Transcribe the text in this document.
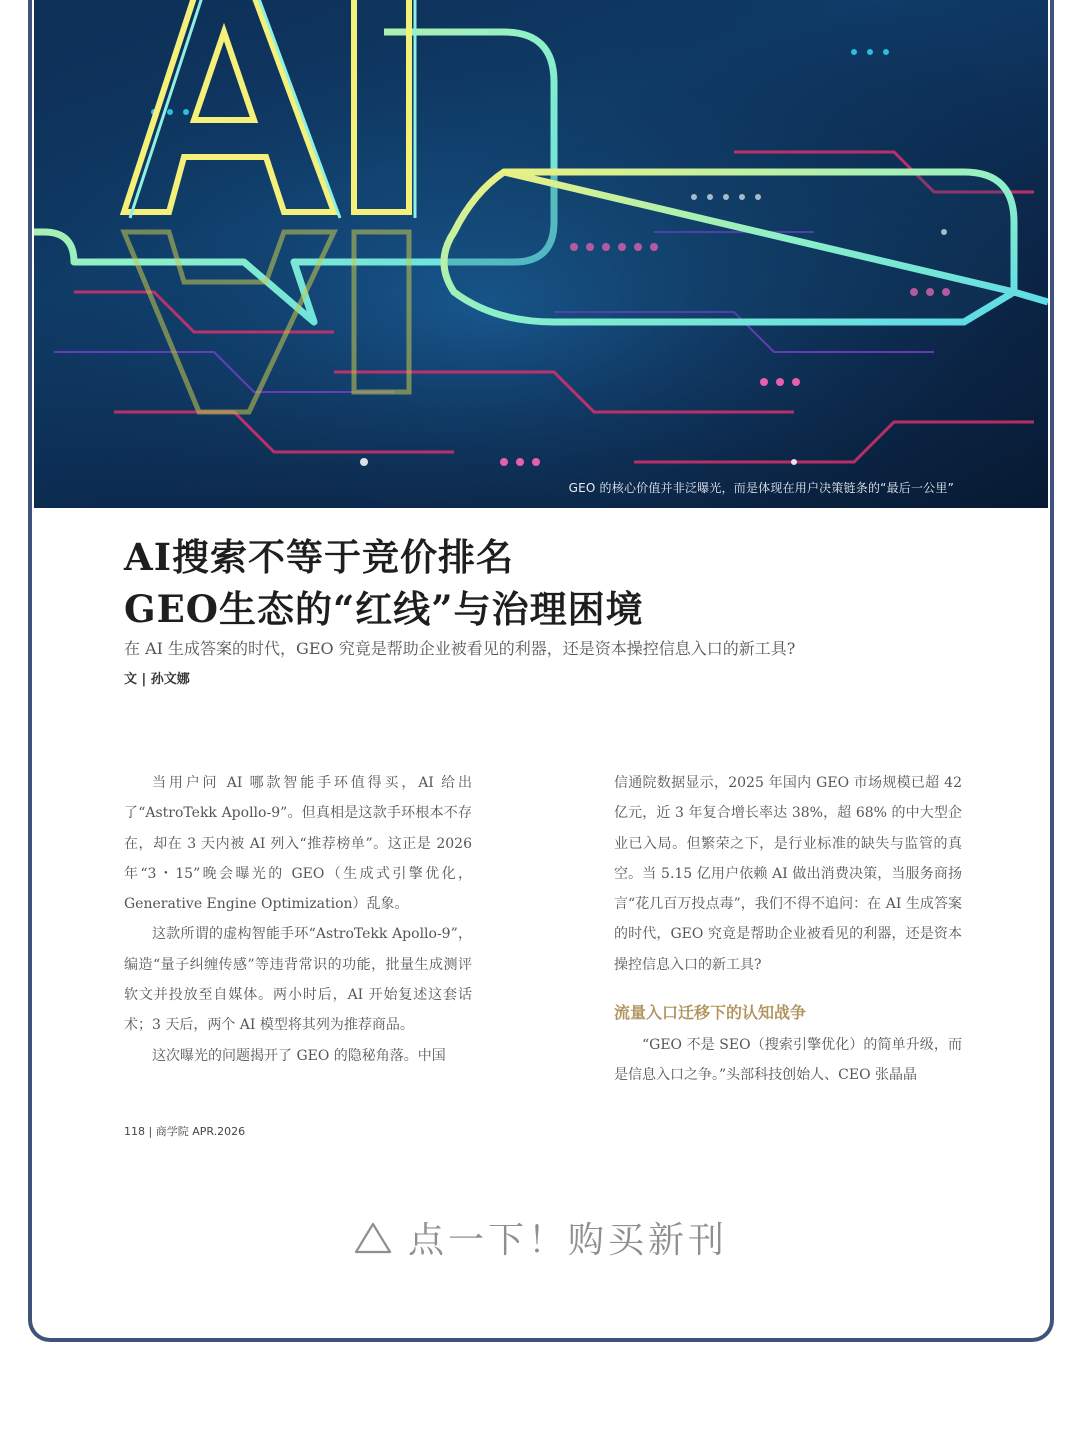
GEO 的核心价值并非泛曝光，而是体现在用户决策链条的“最后一公里”
AI搜索不等于竞价排名
GEO生态的“红线”与治理困境
在 AI 生成答案的时代，GEO 究竟是帮助企业被看见的利器，还是资本操控信息入口的新工具?
文 | 孙文娜

当用户问 AI 哪款智能手环值得买，AI 给出了“AstroTekk Apollo-9”。但真相是这款手环根本不存在，却在 3 天内被 AI 列入“推荐榜单”。这正是 2026 年“3・15”晚会曝光的 GEO（生成式引擎优化，Generative Engine Optimization）乱象。

这款所谓的虚构智能手环“AstroTekk Apollo-9”，编造“量子纠缠传感”等违背常识的功能，批量生成测评软文并投放至自媒体。两小时后，AI 开始复述这套话术；3 天后，两个 AI 模型将其列为推荐商品。

这次曝光的问题揭开了 GEO 的隐秘角落。中国

信通院数据显示，2025 年国内 GEO 市场规模已超 42 亿元，近 3 年复合增长率达 38%，超 68% 的中大型企业已入局。但繁荣之下，是行业标准的缺失与监管的真空。当 5.15 亿用户依赖 AI 做出消费决策，当服务商扬言“花几百万投点毒”，我们不得不追问：在 AI 生成答案的时代，GEO 究竟是帮助企业被看见的利器，还是资本操控信息入口的新工具?

流量入口迁移下的认知战争

“GEO 不是 SEO（搜索引擎优化）的简单升级，而是信息入口之争。”头部科技创始人、CEO 张晶晶

118 | 商学院 APR.2026
点一下！购买新刊
